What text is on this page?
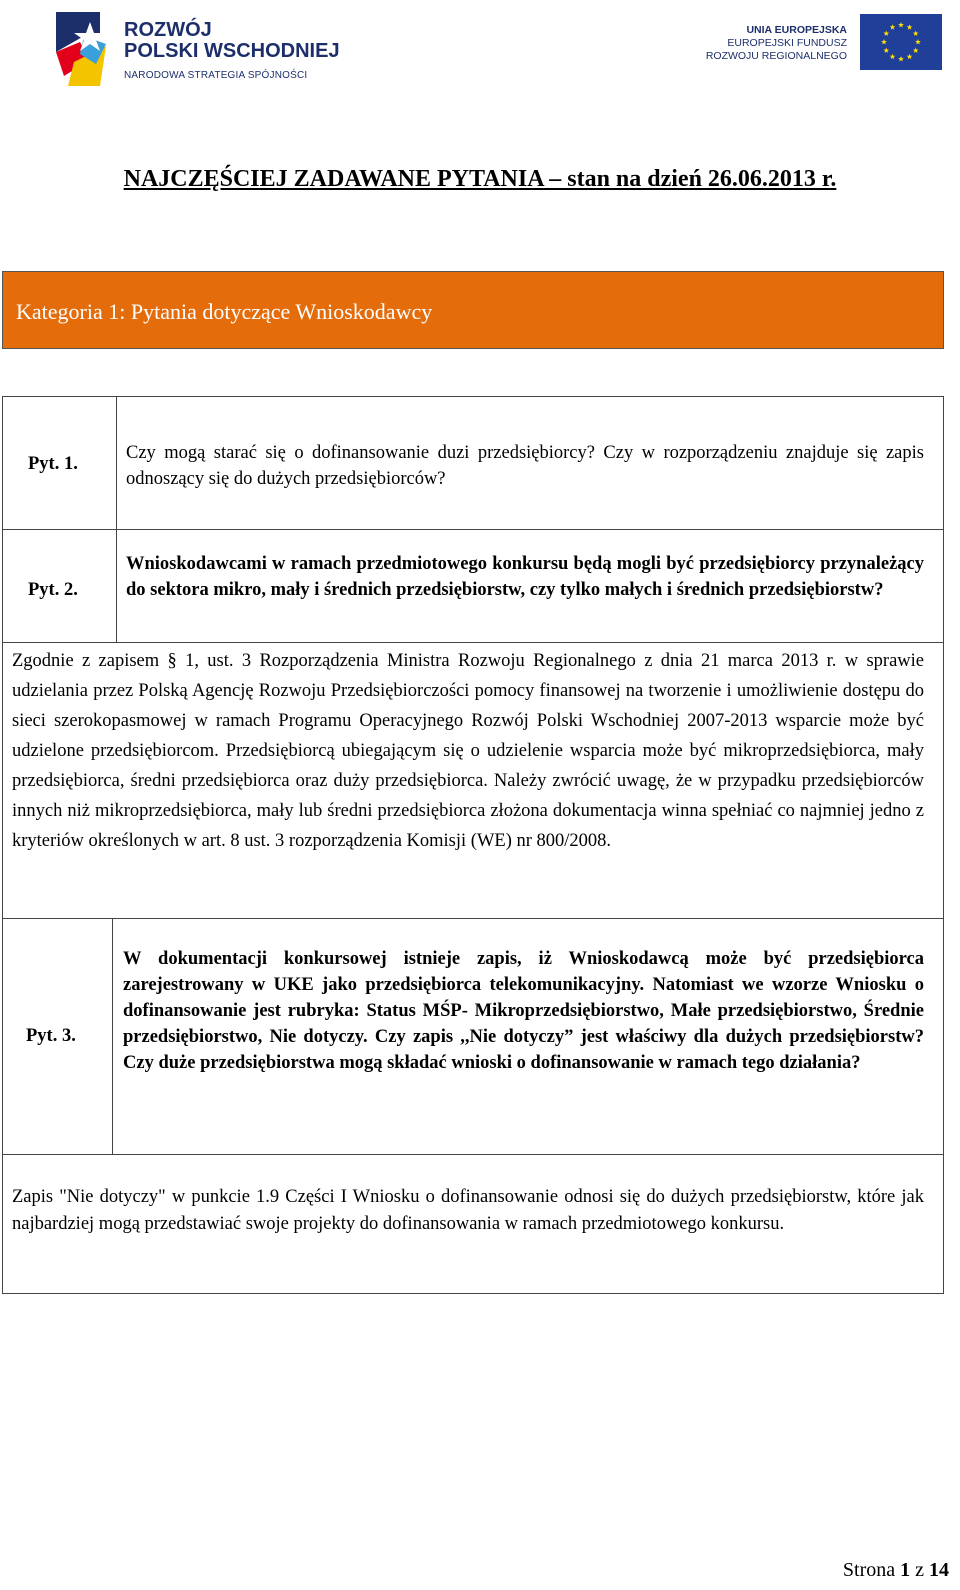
ROZWÓJ
POLSKI WSCHODNIEJ
NARODOWA STRATEGIA SPÓJNOŚCI
UNIA EUROPEJSKA
EUROPEJSKI FUNDUSZ
ROZWOJU REGIONALNEGO
NAJCZĘŚCIEJ ZADAWANE PYTANIA – stan na dzień 26.06.2013 r.
Kategoria 1: Pytania dotyczące Wnioskodawcy
Pyt. 1.
Czy mogą starać się o dofinansowanie duzi przedsiębiorcy? Czy w rozporządzeniu znajduje się zapis odnoszący się do dużych przedsiębiorców?
Pyt. 2.
Wnioskodawcami w ramach przedmiotowego konkursu będą mogli być przedsiębiorcy przynależący do sektora mikro, mały i średnich przedsiębiorstw, czy tylko małych i średnich przedsiębiorstw?
Zgodnie z zapisem § 1, ust. 3 Rozporządzenia Ministra Rozwoju Regionalnego z dnia 21 marca 2013 r. w sprawie udzielania przez Polską Agencję Rozwoju Przedsiębiorczości pomocy finansowej na tworzenie i umożliwienie dostępu do sieci szerokopasmowej w ramach Programu Operacyjnego Rozwój Polski Wschodniej 2007-2013 wsparcie może być udzielone przedsiębiorcom. Przedsiębiorcą ubiegającym się o udzielenie wsparcia może być mikroprzedsiębiorca, mały przedsiębiorca, średni przedsiębiorca oraz duży przedsiębiorca. Należy zwrócić uwagę, że w przypadku przedsiębiorców innych niż mikroprzedsiębiorca, mały lub średni przedsiębiorca złożona dokumentacja winna spełniać co najmniej jedno z kryteriów określonych w art. 8 ust. 3 rozporządzenia Komisji (WE) nr 800/2008.
Pyt. 3.
W dokumentacji konkursowej istnieje zapis, iż Wnioskodawcą może być przedsiębiorca zarejestrowany w UKE jako przedsiębiorca telekomunikacyjny. Natomiast we wzorze Wniosku o dofinansowanie jest rubryka: Status MŚP- Mikroprzedsiębiorstwo, Małe przedsiębiorstwo, Średnie przedsiębiorstwo, Nie dotyczy. Czy zapis ,,Nie dotyczy” jest właściwy dla dużych przedsiębiorstw? Czy duże przedsiębiorstwa mogą składać wnioski o dofinansowanie w ramach tego działania?
Zapis "Nie dotyczy" w punkcie 1.9 Części I Wniosku o dofinansowanie odnosi się do dużych przedsiębiorstw, które jak najbardziej mogą przedstawiać swoje projekty do dofinansowania w ramach przedmiotowego konkursu.
Strona 1 z 14
